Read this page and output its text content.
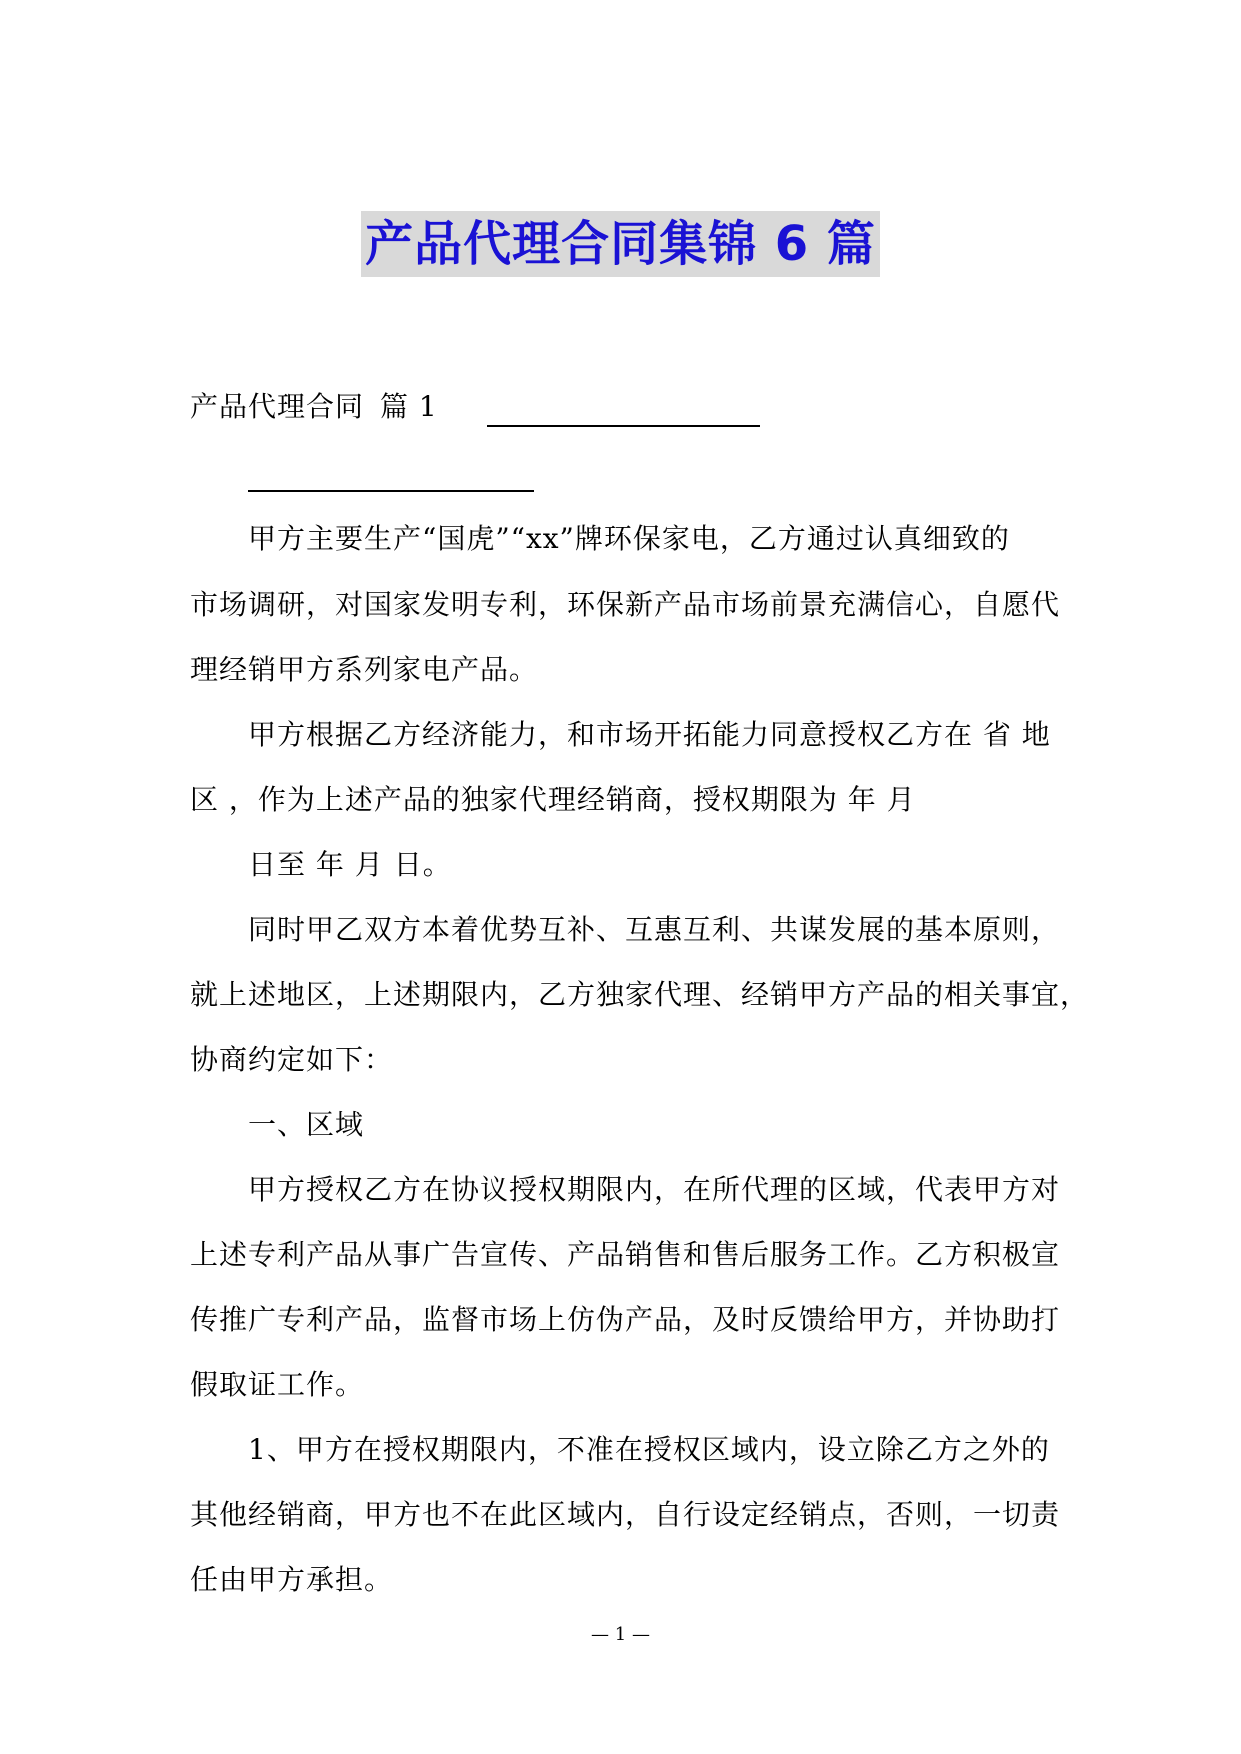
产品代理合同集锦 6 篇
产品代理合同 篇 1
甲方主要生产“国虎”“xx”牌环保家电，乙方通过认真细致的
市场调研，对国家发明专利，环保新产品市场前景充满信心，自愿代
理经销甲方系列家电产品。
甲方根据乙方经济能力，和市场开拓能力同意授权乙方在 省 地
区 ，作为上述产品的独家代理经销商，授权期限为 年 月
日至 年 月 日。
同时甲乙双方本着优势互补、互惠互利、共谋发展的基本原则，
就上述地区，上述期限内，乙方独家代理、经销甲方产品的相关事宜，
协商约定如下：
一、区域
甲方授权乙方在协议授权期限内，在所代理的区域，代表甲方对
上述专利产品从事广告宣传、产品销售和售后服务工作。乙方积极宣
传推广专利产品，监督市场上仿伪产品，及时反馈给甲方，并协助打
假取证工作。
1、甲方在授权期限内，不准在授权区域内，设立除乙方之外的
其他经销商，甲方也不在此区域内，自行设定经销点，否则，一切责
任由甲方承担。
— 1 —
